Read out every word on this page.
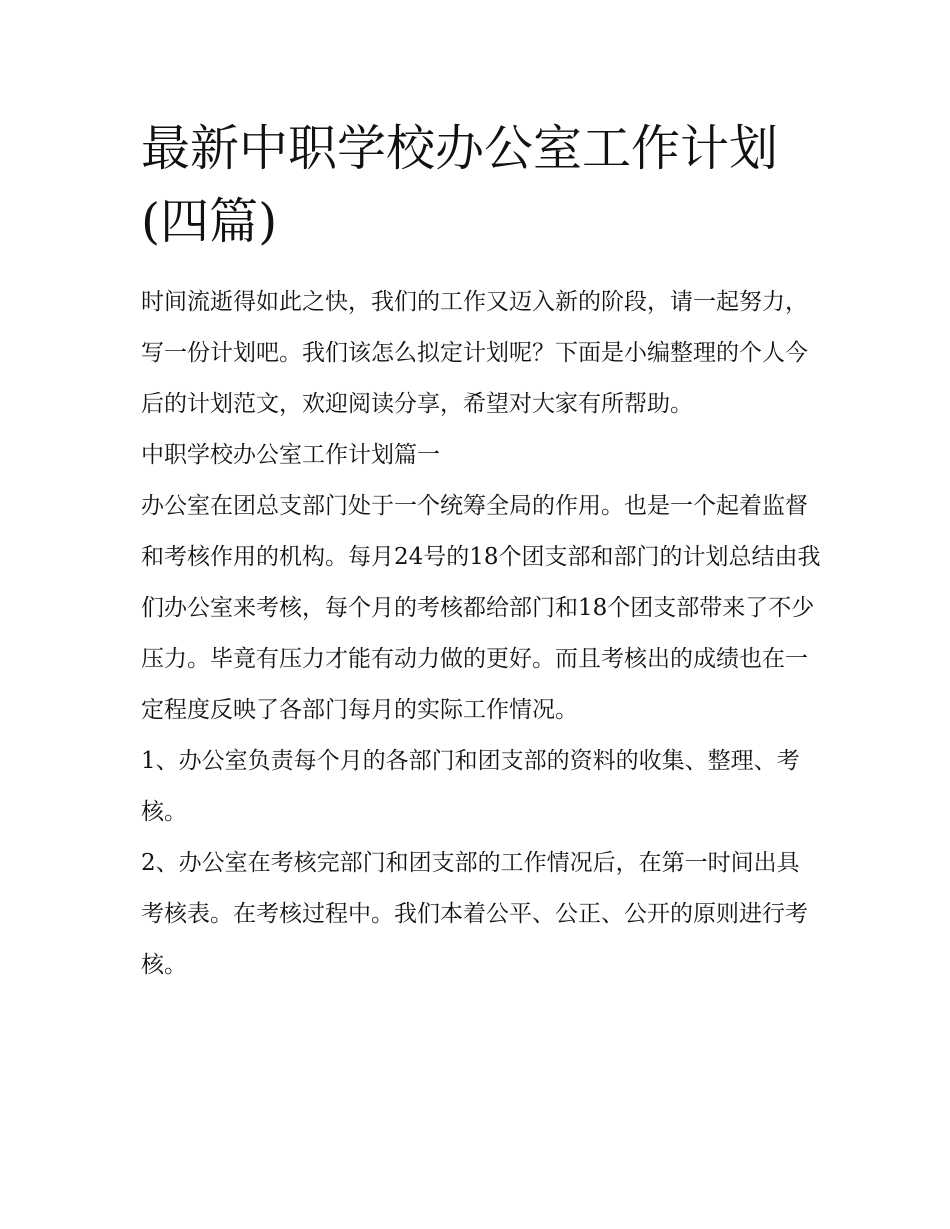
最新中职学校办公室工作计划(四篇)

时间流逝得如此之快，我们的工作又迈入新的阶段，请一起努力，写一份计划吧。我们该怎么拟定计划呢？下面是小编整理的个人今后的计划范文，欢迎阅读分享，希望对大家有所帮助。

中职学校办公室工作计划篇一

办公室在团总支部门处于一个统筹全局的作用。也是一个起着监督和考核作用的机构。每月24号的18个团支部和部门的计划总结由我们办公室来考核，每个月的考核都给部门和18个团支部带来了不少压力。毕竟有压力才能有动力做的更好。而且考核出的成绩也在一定程度反映了各部门每月的实际工作情况。

1、办公室负责每个月的各部门和团支部的资料的收集、整理、考核。

2、办公室在考核完部门和团支部的工作情况后，在第一时间出具考核表。在考核过程中。我们本着公平、公正、公开的原则进行考核。
